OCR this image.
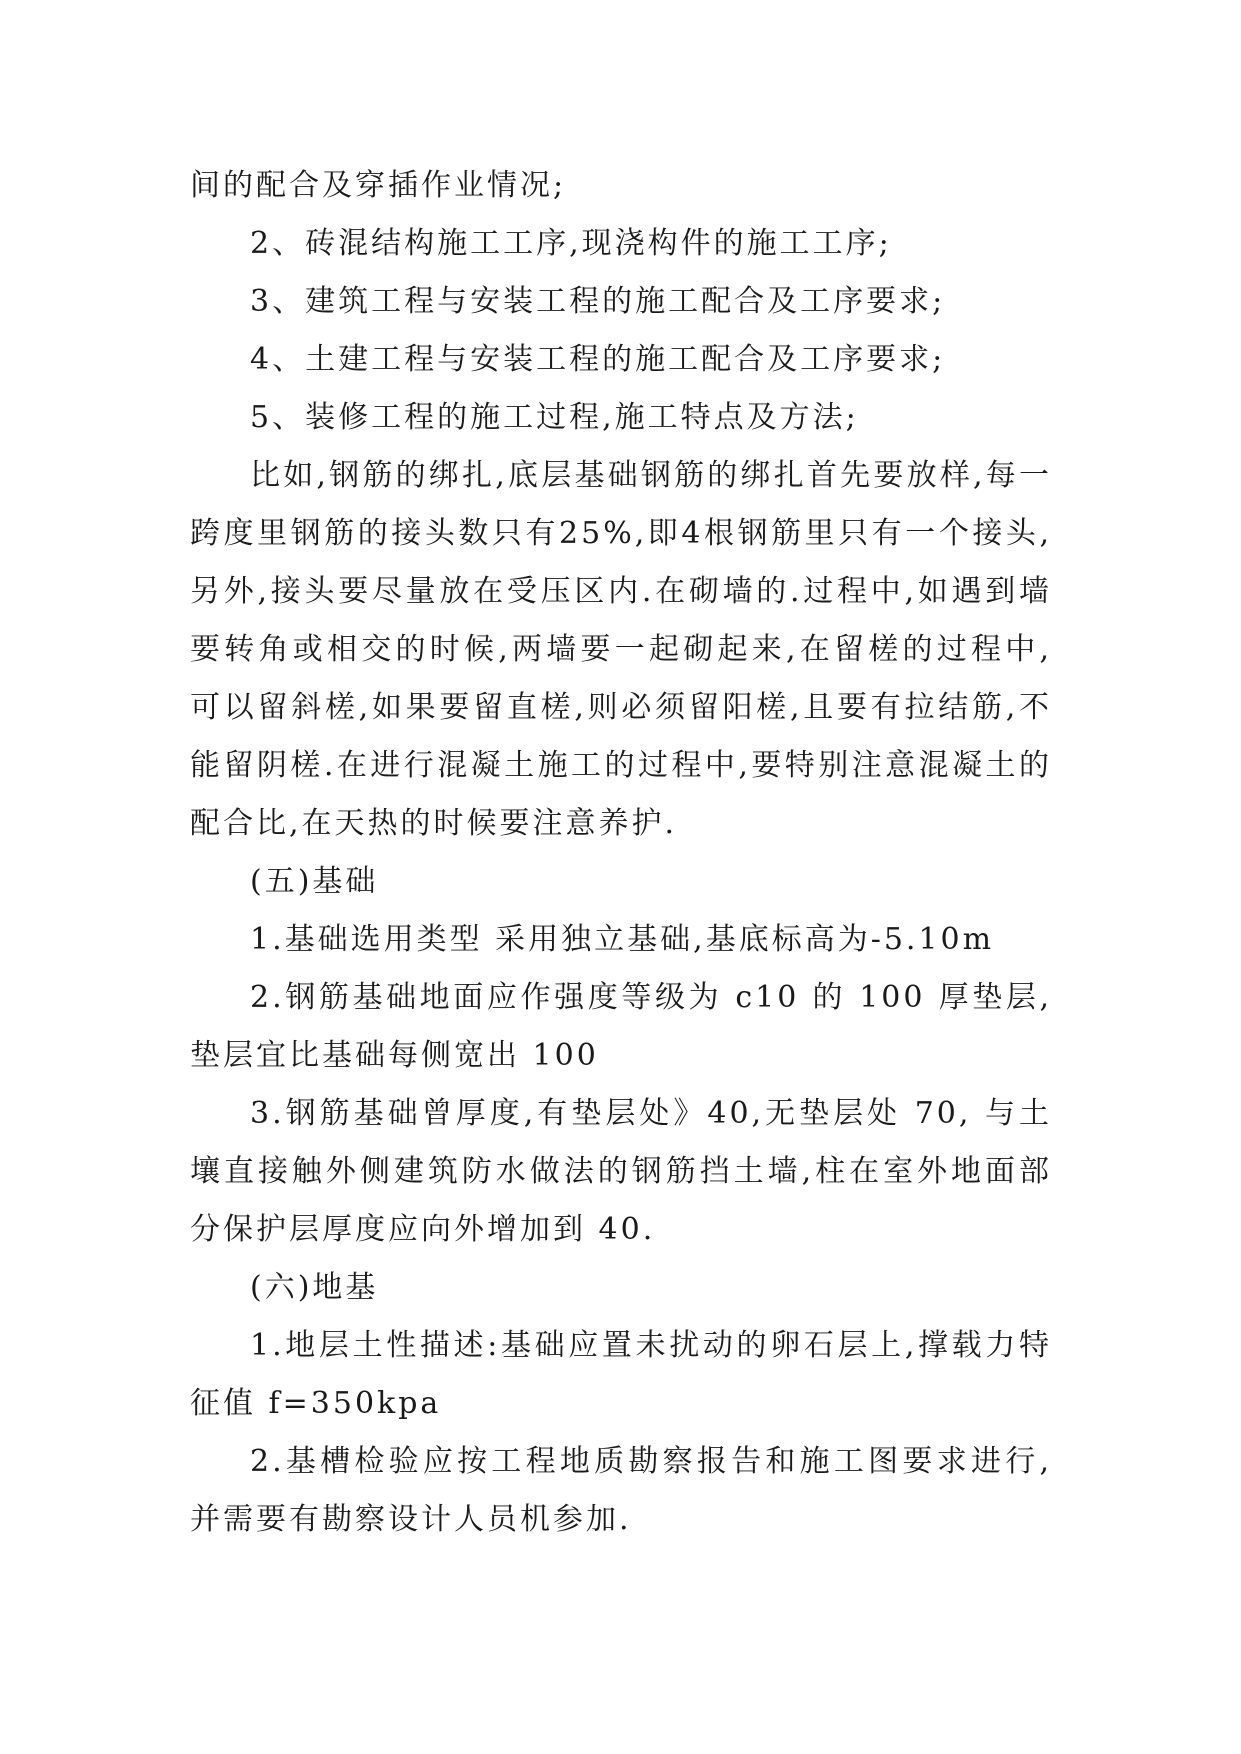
间的配合及穿插作业情况;

2、砖混结构施工工序,现浇构件的施工工序;

3、建筑工程与安装工程的施工配合及工序要求;

4、土建工程与安装工程的施工配合及工序要求;

5、装修工程的施工过程,施工特点及方法;

比如,钢筋的绑扎,底层基础钢筋的绑扎首先要放样,每一跨度里钢筋的接头数只有25%,即4根钢筋里只有一个接头,另外,接头要尽量放在受压区内.在砌墙的.过程中,如遇到墙要转角或相交的时候,两墙要一起砌起来,在留槎的过程中,可以留斜槎,如果要留直槎,则必须留阳槎,且要有拉结筋,不能留阴槎.在进行混凝土施工的过程中,要特别注意混凝土的配合比,在天热的时候要注意养护.

(五)基础

1.基础选用类型 采用独立基础,基底标高为-5.10m

2.钢筋基础地面应作强度等级为 c10 的 100 厚垫层,垫层宜比基础每侧宽出 100

3.钢筋基础曾厚度,有垫层处》40,无垫层处 70, 与土壤直接触外侧建筑防水做法的钢筋挡土墙,柱在室外地面部分保护层厚度应向外增加到 40.

(六)地基

1.地层土性描述:基础应置未扰动的卵石层上,撑载力特征值 f=350kpa

2.基槽检验应按工程地质勘察报告和施工图要求进行,并需要有勘察设计人员机参加.
